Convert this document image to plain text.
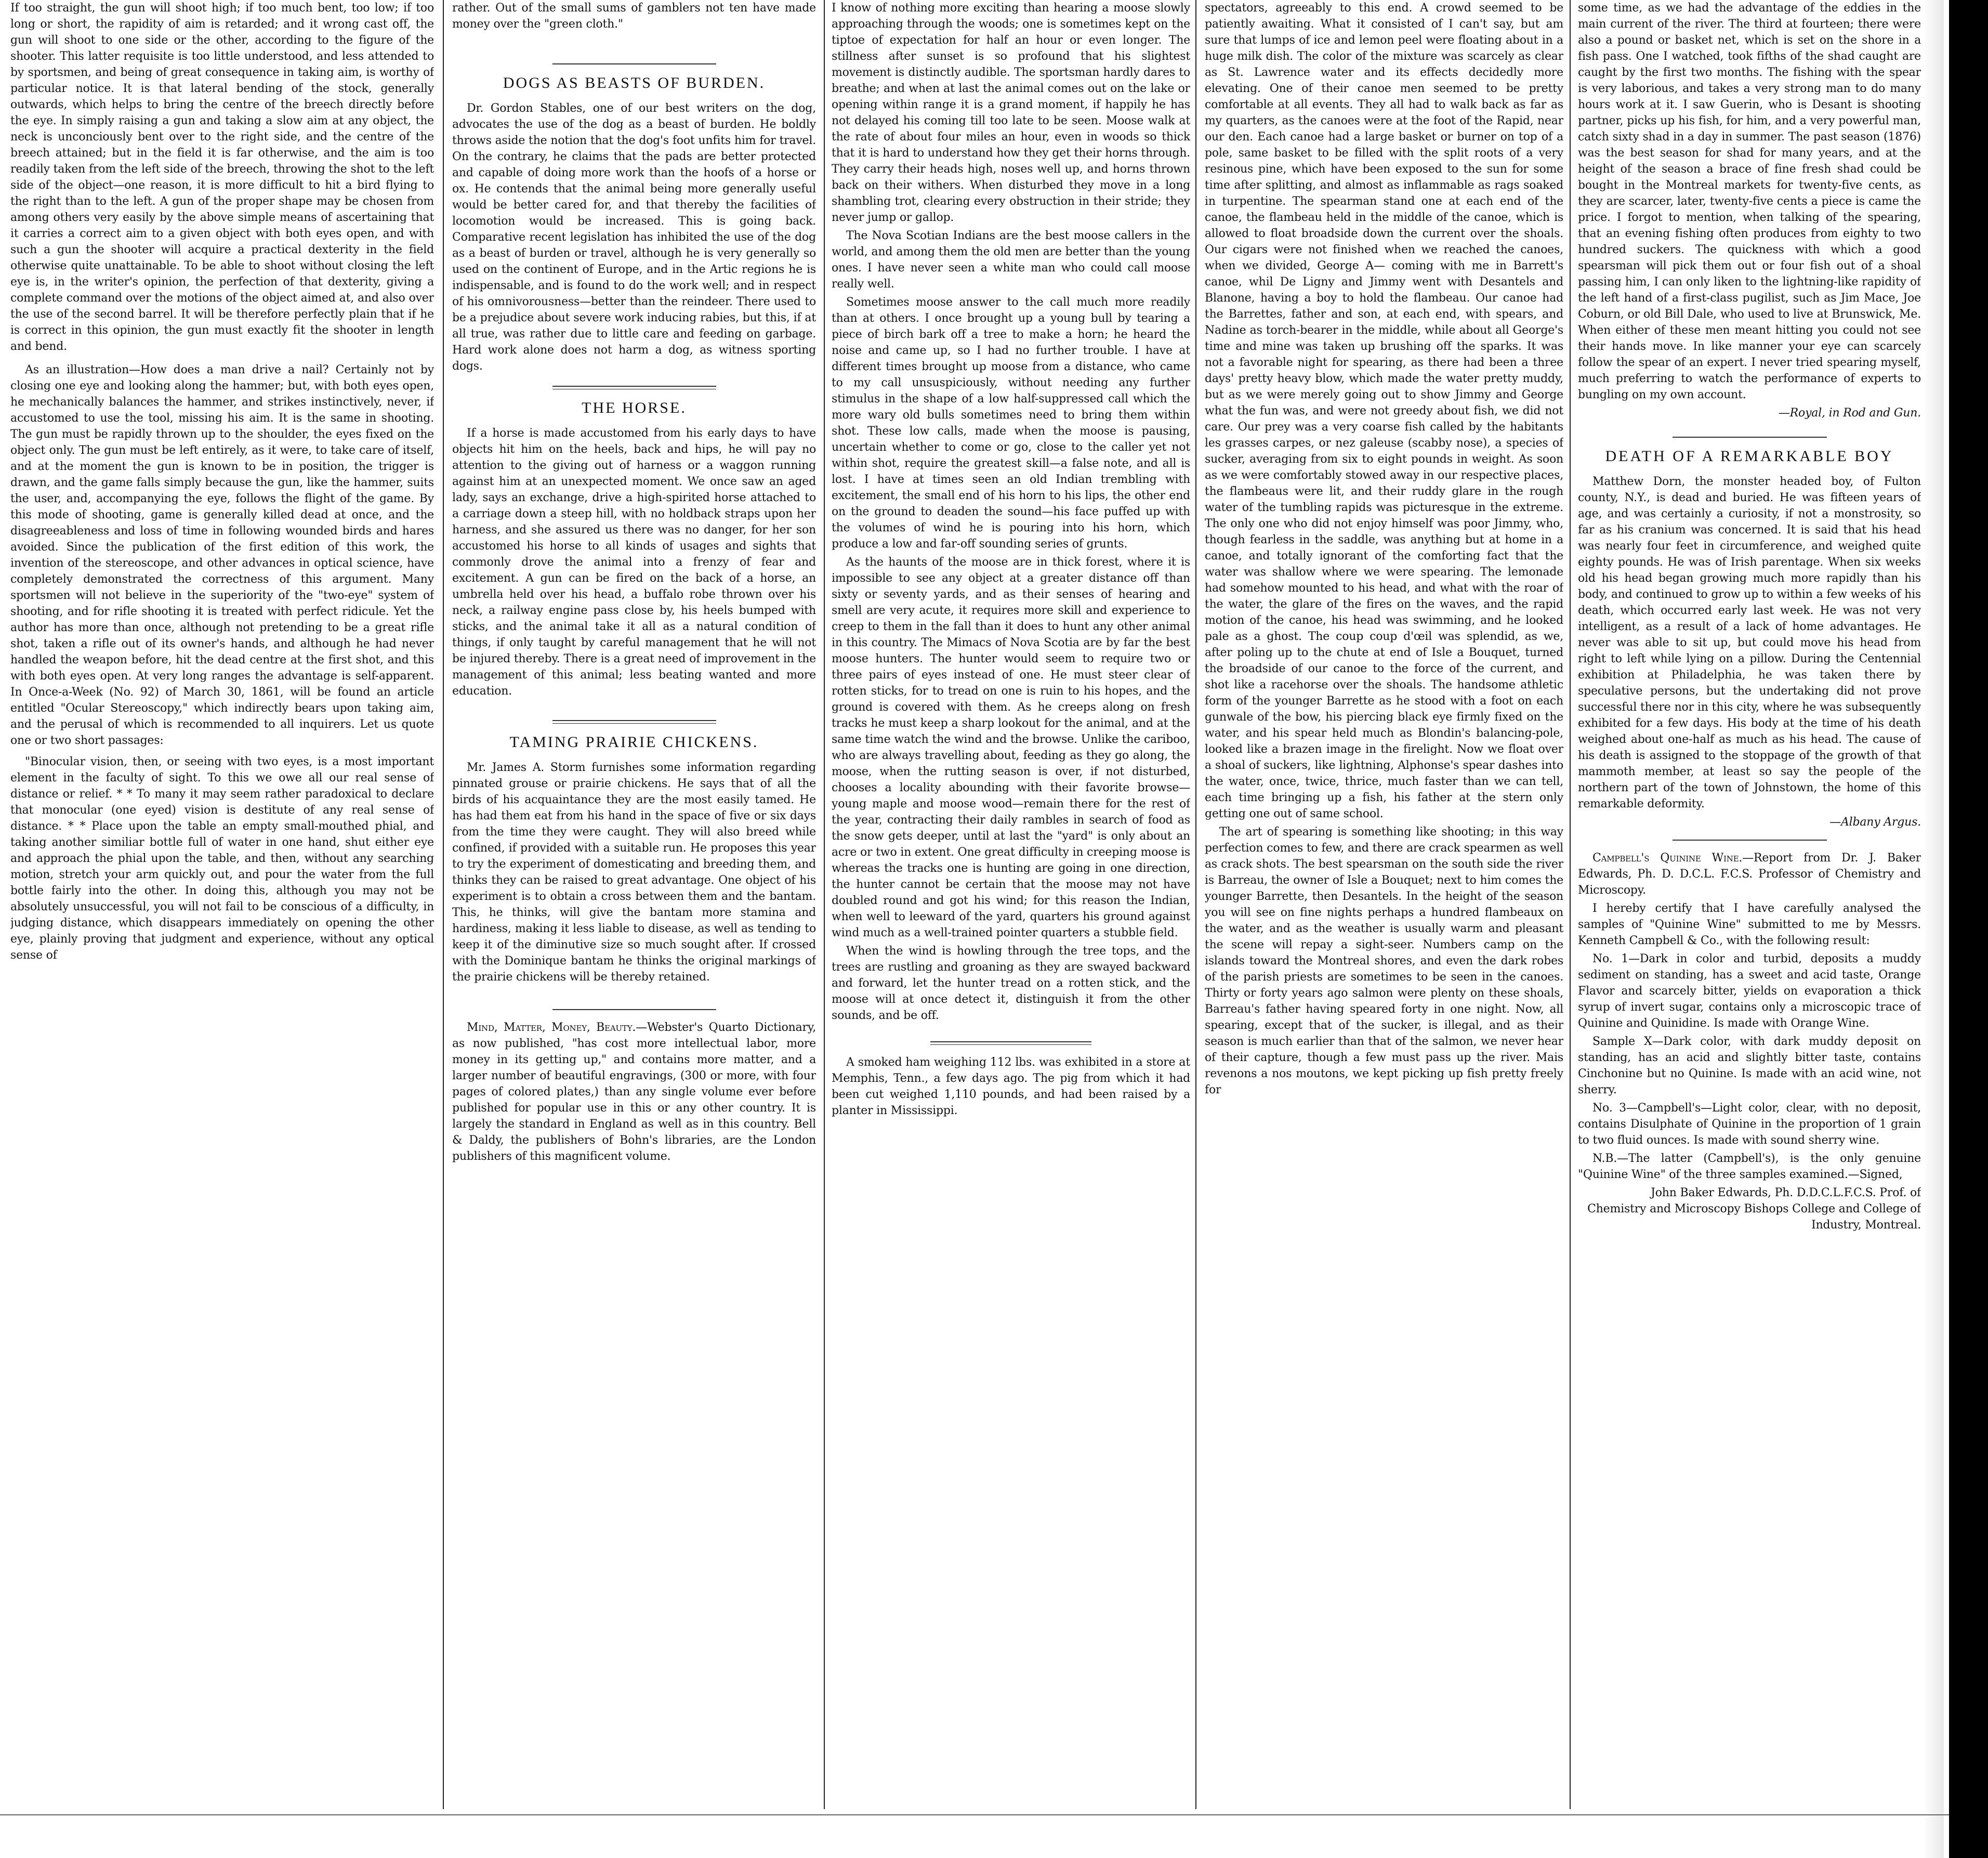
If too straight, the gun will shoot high; if too much bent, too low; if too long or short, the rapidity of aim is retarded; and it wrong cast off, the gun will shoot to one side or the other, according to the figure of the shooter. This latter requisite is too little understood, and less attended to by sportsmen, and being of great consequence in taking aim, is worthy of particular notice. It is that lateral bending of the stock, generally outwards, which helps to bring the centre of the breech directly before the eye. In simply raising a gun and taking a slow aim at any object, the neck is unconciously bent over to the right side, and the centre of the breech attained; but in the field it is far otherwise, and the aim is too readily taken from the left side of the breech, throwing the shot to the left side of the object—one reason, it is more difficult to hit a bird flying to the right than to the left. A gun of the proper shape may be chosen from among others very easily by the above simple means of ascertaining that it carries a correct aim to a given object with both eyes open, and with such a gun the shooter will acquire a practical dexterity in the field otherwise quite unattainable. To be able to shoot without closing the left eye is, in the writer's opinion, the perfection of that dexterity, giving a complete command over the motions of the object aimed at, and also over the use of the second barrel. It will be therefore perfectly plain that if he is correct in this opinion, the gun must exactly fit the shooter in length and bend.

As an illustration—How does a man drive a nail? Certainly not by closing one eye and looking along the hammer; but, with both eyes open, he mechanically balances the hammer, and strikes instinctively, never, if accustomed to use the tool, missing his aim. It is the same in shooting. The gun must be rapidly thrown up to the shoulder, the eyes fixed on the object only. The gun must be left entirely, as it were, to take care of itself, and at the moment the gun is known to be in position, the trigger is drawn, and the game falls simply because the gun, like the hammer, suits the user, and, accompanying the eye, follows the flight of the game. By this mode of shooting, game is generally killed dead at once, and the disagreeableness and loss of time in following wounded birds and hares avoided. Since the publication of the first edition of this work, the invention of the stereoscope, and other advances in optical science, have completely demonstrated the correctness of this argument. Many sportsmen will not believe in the superiority of the "two-eye" system of shooting, and for rifle shooting it is treated with perfect ridicule. Yet the author has more than once, although not pretending to be a great rifle shot, taken a rifle out of its owner's hands, and although he had never handled the weapon before, hit the dead centre at the first shot, and this with both eyes open. At very long ranges the advantage is self-apparent. In Once-a-Week (No. 92) of March 30, 1861, will be found an article entitled "Ocular Stereoscopy," which indirectly bears upon taking aim, and the perusal of which is recommended to all inquirers. Let us quote one or two short passages:

"Binocular vision, then, or seeing with two eyes, is a most important element in the faculty of sight. To this we owe all our real sense of distance or relief. * * To many it may seem rather paradoxical to declare that monocular (one eyed) vision is destitute of any real sense of distance. * * Place upon the table an empty small-mouthed phial, and taking another similiar bottle full of water in one hand, shut either eye and approach the phial upon the table, and then, without any searching motion, stretch your arm quickly out, and pour the water from the full bottle fairly into the other. In doing this, although you may not be absolutely unsuccessful, you will not fail to be conscious of a difficulty, in judging distance, which disappears immediately on opening the other eye, plainly proving that judgment and experience, without any optical sense of

rather. Out of the small sums of gamblers not ten have made money over the "green cloth."

DOGS AS BEASTS OF BURDEN.

Dr. Gordon Stables, one of our best writers on the dog, advocates the use of the dog as a beast of burden. He boldly throws aside the notion that the dog's foot unfits him for travel. On the contrary, he claims that the pads are better protected and capable of doing more work than the hoofs of a horse or ox. He contends that the animal being more generally useful would be better cared for, and that thereby the facilities of locomotion would be increased. This is going back. Comparative recent legislation has inhibited the use of the dog as a beast of burden or travel, although he is very generally so used on the continent of Europe, and in the Artic regions he is indispensable, and is found to do the work well; and in respect of his omnivorousness—better than the reindeer. There used to be a prejudice about severe work inducing rabies, but this, if at all true, was rather due to little care and feeding on garbage. Hard work alone does not harm a dog, as witness sporting dogs.

THE HORSE.

If a horse is made accustomed from his early days to have objects hit him on the heels, back and hips, he will pay no attention to the giving out of harness or a waggon running against him at an unexpected moment. We once saw an aged lady, says an exchange, drive a high-spirited horse attached to a carriage down a steep hill, with no holdback straps upon her harness, and she assured us there was no danger, for her son accustomed his horse to all kinds of usages and sights that commonly drove the animal into a frenzy of fear and excitement. A gun can be fired on the back of a horse, an umbrella held over his head, a buffalo robe thrown over his neck, a railway engine pass close by, his heels bumped with sticks, and the animal take it all as a natural condition of things, if only taught by careful management that he will not be injured thereby. There is a great need of improvement in the management of this animal; less beating wanted and more education.

TAMING PRAIRIE CHICKENS.

Mr. James A. Storm furnishes some information regarding pinnated grouse or prairie chickens. He says that of all the birds of his acquaintance they are the most easily tamed. He has had them eat from his hand in the space of five or six days from the time they were caught. They will also breed while confined, if provided with a suitable run. He proposes this year to try the experiment of domesticating and breeding them, and thinks they can be raised to great advantage. One object of his experiment is to obtain a cross between them and the bantam. This, he thinks, will give the bantam more stamina and hardiness, making it less liable to disease, as well as tending to keep it of the diminutive size so much sought after. If crossed with the Dominique bantam he thinks the original markings of the prairie chickens will be thereby retained.

Mind, Matter, Money, Beauty.—Webster's Quarto Dictionary, as now published, "has cost more intellectual labor, more money in its getting up," and contains more matter, and a larger number of beautiful engravings, (300 or more, with four pages of colored plates,) than any single volume ever before published for popular use in this or any other country. It is largely the standard in England as well as in this country. Bell & Daldy, the publishers of Bohn's libraries, are the London publishers of this magnificent volume.

I know of nothing more exciting than hearing a moose slowly approaching through the woods; one is sometimes kept on the tiptoe of expectation for half an hour or even longer. The stillness after sunset is so profound that his slightest movement is distinctly audible. The sportsman hardly dares to breathe; and when at last the animal comes out on the lake or opening within range it is a grand moment, if happily he has not delayed his coming till too late to be seen. Moose walk at the rate of about four miles an hour, even in woods so thick that it is hard to understand how they get their horns through. They carry their heads high, noses well up, and horns thrown back on their withers. When disturbed they move in a long shambling trot, clearing every obstruction in their stride; they never jump or gallop.

The Nova Scotian Indians are the best moose callers in the world, and among them the old men are better than the young ones. I have never seen a white man who could call moose really well.

Sometimes moose answer to the call much more readily than at others. I once brought up a young bull by tearing a piece of birch bark off a tree to make a horn; he heard the noise and came up, so I had no further trouble. I have at different times brought up moose from a distance, who came to my call unsuspiciously, without needing any further stimulus in the shape of a low half-suppressed call which the more wary old bulls sometimes need to bring them within shot. These low calls, made when the moose is pausing, uncertain whether to come or go, close to the caller yet not within shot, require the greatest skill—a false note, and all is lost. I have at times seen an old Indian trembling with excitement, the small end of his horn to his lips, the other end on the ground to deaden the sound—his face puffed up with the volumes of wind he is pouring into his horn, which produce a low and far-off sounding series of grunts.

As the haunts of the moose are in thick forest, where it is impossible to see any object at a greater distance off than sixty or seventy yards, and as their senses of hearing and smell are very acute, it requires more skill and experience to creep to them in the fall than it does to hunt any other animal in this country. The Mimacs of Nova Scotia are by far the best moose hunters. The hunter would seem to require two or three pairs of eyes instead of one. He must steer clear of rotten sticks, for to tread on one is ruin to his hopes, and the ground is covered with them. As he creeps along on fresh tracks he must keep a sharp lookout for the animal, and at the same time watch the wind and the browse. Unlike the cariboo, who are always travelling about, feeding as they go along, the moose, when the rutting season is over, if not disturbed, chooses a locality abounding with their favorite browse—young maple and moose wood—remain there for the rest of the year, contracting their daily rambles in search of food as the snow gets deeper, until at last the "yard" is only about an acre or two in extent. One great difficulty in creeping moose is whereas the tracks one is hunting are going in one direction, the hunter cannot be certain that the moose may not have doubled round and got his wind; for this reason the Indian, when well to leeward of the yard, quarters his ground against wind much as a well-trained pointer quarters a stubble field.

When the wind is howling through the tree tops, and the trees are rustling and groaning as they are swayed backward and forward, let the hunter tread on a rotten stick, and the moose will at once detect it, distinguish it from the other sounds, and be off.

A smoked ham weighing 112 lbs. was exhibited in a store at Memphis, Tenn., a few days ago. The pig from which it had been cut weighed 1,110 pounds, and had been raised by a planter in Mississippi.

spectators, agreeably to this end. A crowd seemed to be patiently awaiting. What it consisted of I can't say, but am sure that lumps of ice and lemon peel were floating about in a huge milk dish. The color of the mixture was scarcely as clear as St. Lawrence water and its effects decidedly more elevating. One of their canoe men seemed to be pretty comfortable at all events. They all had to walk back as far as my quarters, as the canoes were at the foot of the Rapid, near our den. Each canoe had a large basket or burner on top of a pole, same basket to be filled with the split roots of a very resinous pine, which have been exposed to the sun for some time after splitting, and almost as inflammable as rags soaked in turpentine. The spearman stand one at each end of the canoe, the flambeau held in the middle of the canoe, which is allowed to float broadside down the current over the shoals. Our cigars were not finished when we reached the canoes, when we divided, George A— coming with me in Barrett's canoe, whil De Ligny and Jimmy went with Desantels and Blanone, having a boy to hold the flambeau. Our canoe had the Barrettes, father and son, at each end, with spears, and Nadine as torch-bearer in the middle, while about all George's time and mine was taken up brushing off the sparks. It was not a favorable night for spearing, as there had been a three days' pretty heavy blow, which made the water pretty muddy, but as we were merely going out to show Jimmy and George what the fun was, and were not greedy about fish, we did not care. Our prey was a very coarse fish called by the habitants les grasses carpes, or nez galeuse (scabby nose), a species of sucker, averaging from six to eight pounds in weight. As soon as we were comfortably stowed away in our respective places, the flambeaus were lit, and their ruddy glare in the rough water of the tumbling rapids was picturesque in the extreme. The only one who did not enjoy himself was poor Jimmy, who, though fearless in the saddle, was anything but at home in a canoe, and totally ignorant of the comforting fact that the water was shallow where we were spearing. The lemonade had somehow mounted to his head, and what with the roar of the water, the glare of the fires on the waves, and the rapid motion of the canoe, his head was swimming, and he looked pale as a ghost. The coup coup d'œil was splendid, as we, after poling up to the chute at end of Isle a Bouquet, turned the broadside of our canoe to the force of the current, and shot like a racehorse over the shoals. The handsome athletic form of the younger Barrette as he stood with a foot on each gunwale of the bow, his piercing black eye firmly fixed on the water, and his spear held much as Blondin's balancing-pole, looked like a brazen image in the firelight. Now we float over a shoal of suckers, like lightning, Alphonse's spear dashes into the water, once, twice, thrice, much faster than we can tell, each time bringing up a fish, his father at the stern only getting one out of same school.

The art of spearing is something like shooting; in this way perfection comes to few, and there are crack spearmen as well as crack shots. The best spearsman on the south side the river is Barreau, the owner of Isle a Bouquet; next to him comes the younger Barrette, then Desantels. In the height of the season you will see on fine nights perhaps a hundred flambeaux on the water, and as the weather is usually warm and pleasant the scene will repay a sight-seer. Numbers camp on the islands toward the Montreal shores, and even the dark robes of the parish priests are sometimes to be seen in the canoes. Thirty or forty years ago salmon were plenty on these shoals, Barreau's father having speared forty in one night. Now, all spearing, except that of the sucker, is illegal, and as their season is much earlier than that of the salmon, we never hear of their capture, though a few must pass up the river. Mais revenons a nos moutons, we kept picking up fish pretty freely for

some time, as we had the advantage of the eddies in the main current of the river. The third at fourteen; there were also a pound or basket net, which is set on the shore in a fish pass. One I watched, took fifths of the shad caught are caught by the first two months. The fishing with the spear is very laborious, and takes a very strong man to do many hours work at it. I saw Guerin, who is Desant is shooting partner, picks up his fish, for him, and a very powerful man, catch sixty shad in a day in summer. The past season (1876) was the best season for shad for many years, and at the height of the season a brace of fine fresh shad could be bought in the Montreal markets for twenty-five cents, as they are scarcer, later, twenty-five cents a piece is came the price. I forgot to mention, when talking of the spearing, that an evening fishing often produces from eighty to two hundred suckers. The quickness with which a good spearsman will pick them out or four fish out of a shoal passing him, I can only liken to the lightning-like rapidity of the left hand of a first-class pugilist, such as Jim Mace, Joe Coburn, or old Bill Dale, who used to live at Brunswick, Me. When either of these men meant hitting you could not see their hands move. In like manner your eye can scarcely follow the spear of an expert. I never tried spearing myself, much preferring to watch the performance of experts to bungling on my own account.

—Royal, in Rod and Gun.

DEATH OF A REMARKABLE BOY

Matthew Dorn, the monster headed boy, of Fulton county, N.Y., is dead and buried. He was fifteen years of age, and was certainly a curiosity, if not a monstrosity, so far as his cranium was concerned. It is said that his head was nearly four feet in circumference, and weighed quite eighty pounds. He was of Irish parentage. When six weeks old his head began growing much more rapidly than his body, and continued to grow up to within a few weeks of his death, which occurred early last week. He was not very intelligent, as a result of a lack of home advantages. He never was able to sit up, but could move his head from right to left while lying on a pillow. During the Centennial exhibition at Philadelphia, he was taken there by speculative persons, but the undertaking did not prove successful there nor in this city, where he was subsequently exhibited for a few days. His body at the time of his death weighed about one-half as much as his head. The cause of his death is assigned to the stoppage of the growth of that mammoth member, at least so say the people of the northern part of the town of Johnstown, the home of this remarkable deformity.

—Albany Argus.

Campbell's Quinine Wine.—Report from Dr. J. Baker Edwards, Ph. D. D.C.L. F.C.S. Professor of Chemistry and Microscopy.

I hereby certify that I have carefully analysed the samples of "Quinine Wine" submitted to me by Messrs. Kenneth Campbell & Co., with the following result:

No. 1—Dark in color and turbid, deposits a muddy sediment on standing, has a sweet and acid taste, Orange Flavor and scarcely bitter, yields on evaporation a thick syrup of invert sugar, contains only a microscopic trace of Quinine and Quinidine. Is made with Orange Wine.

Sample X—Dark color, with dark muddy deposit on standing, has an acid and slightly bitter taste, contains Cinchonine but no Quinine. Is made with an acid wine, not sherry.

No. 3—Campbell's—Light color, clear, with no deposit, contains Disulphate of Quinine in the proportion of 1 grain to two fluid ounces. Is made with sound sherry wine.

N.B.—The latter (Campbell's), is the only genuine "Quinine Wine" of the three samples examined.—Signed,

John Baker Edwards, Ph. D.D.C.L.F.C.S. Prof. of Chemistry and Microscopy Bishops College and College of Industry, Montreal.
